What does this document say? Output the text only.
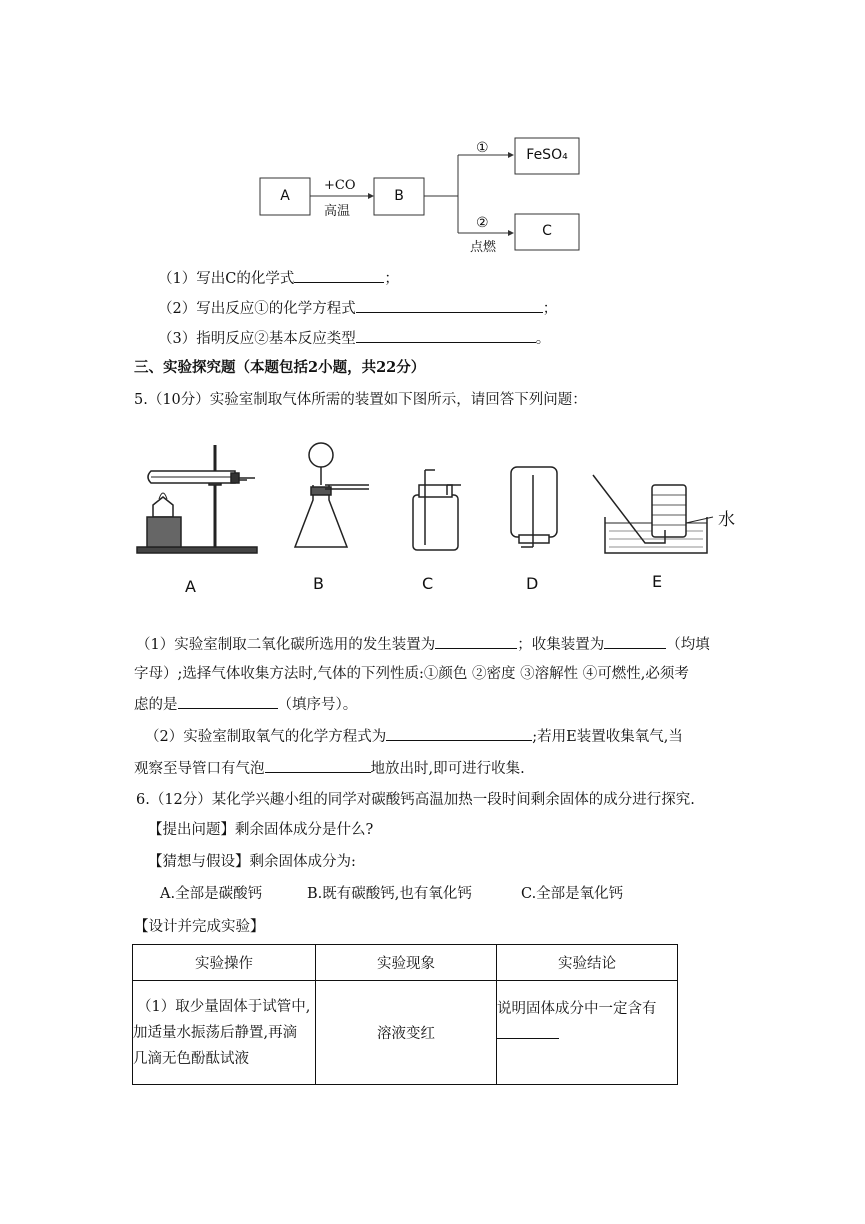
A	B
FeSO₄
C
+CO
高温
①
②
点燃
（1）写出C的化学式	；
（2）写出反应①的化学方程式	；
（3）指明反应②基本反应类型	。
三、实验探究题（本题包括2小题，共22分）
5.（10分）实验室制取气体所需的装置如下图所示，请回答下列问题：
水
A	B	C	D	E
（1）实验室制取二氧化碳所选用的发生装置为	；收集装置为	（均填
字母）;选择气体收集方法时,气体的下列性质:①颜色 ②密度 ③溶解性 ④可燃性,必须考
虑的是	（填序号）。
（2）实验室制取氧气的化学方程式为	;若用E装置收集氧气,当
观察至导管口有气泡	地放出时,即可进行收集.
6.（12分）某化学兴趣小组的同学对碳酸钙高温加热一段时间剩余固体的成分进行探究.
【提出问题】剩余固体成分是什么?
【猜想与假设】剩余固体成分为:
A.全部是碳酸钙	B.既有碳酸钙,也有氧化钙	C.全部是氧化钙
【设计并完成实验】
实验操作	实验现象	实验结论

（1）取少量固体于试管中,
加适量水振荡后静置,再滴
几滴无色酚酞试液	溶液变红	说明固体成分中一定含有
